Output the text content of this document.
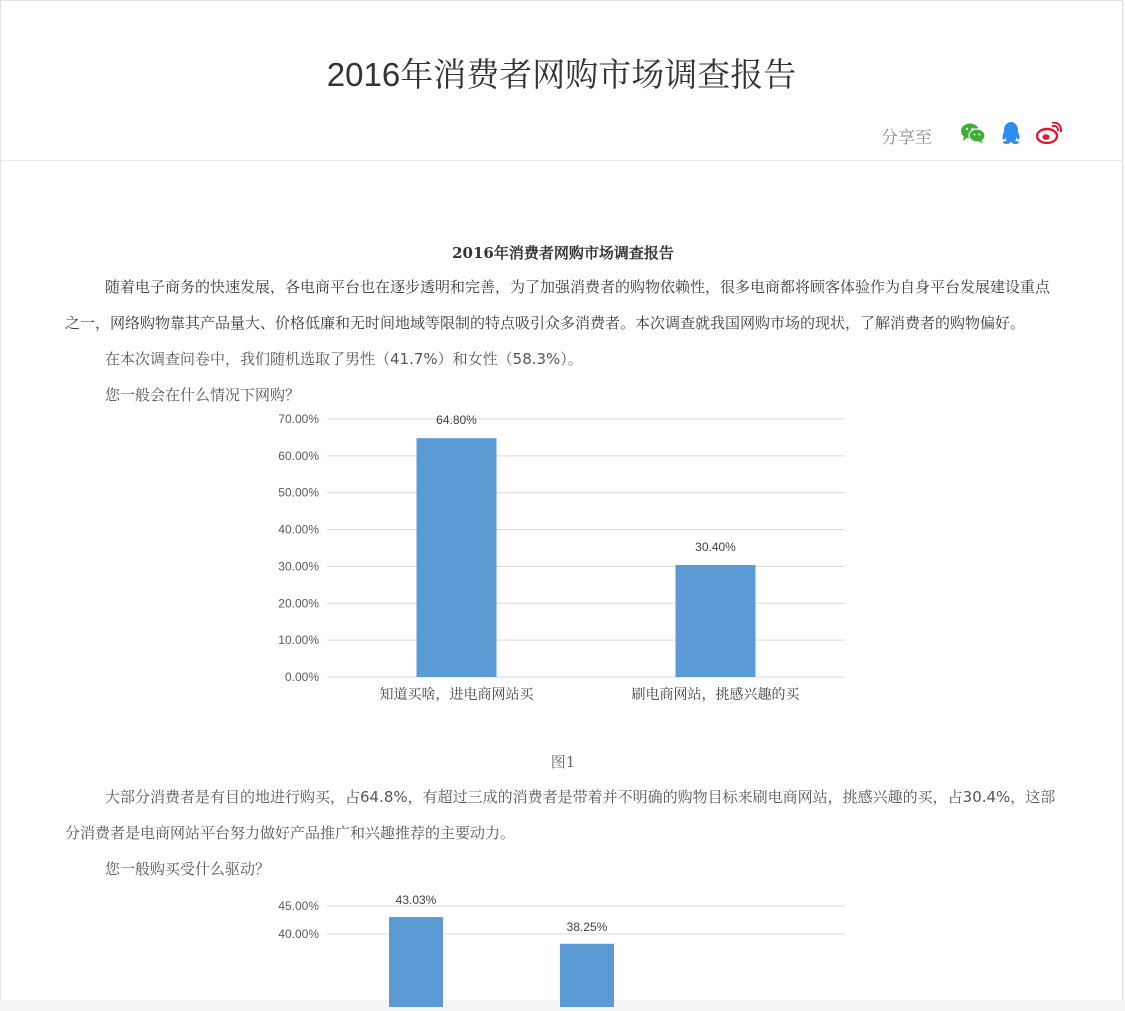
2016年消费者网购市场调查报告
分享至
2016年消费者网购市场调查报告

随着电子商务的快速发展，各电商平台也在逐步透明和完善，为了加强消费者的购物依赖性，很多电商都将顾客体验作为自身平台发展建设重点之一，网络购物靠其产品量大、价格低廉和无时间地域等限制的特点吸引众多消费者。本次调查就我国网购市场的现状，了解消费者的购物偏好。

在本次调查问卷中，我们随机选取了男性（41.7%）和女性（58.3%）。

您一般会在什么情况下网购？

0.00%
10.00%
20.00%
30.00%
40.00%
50.00%
60.00%
70.00%	64.80%
知道买啥，进电商网站买
30.40%
刷电商网站，挑感兴趣的买

图1

大部分消费者是有目的地进行购买，占64.8%，有超过三成的消费者是带着并不明确的购物目标来刷电商网站，挑感兴趣的买，占30.4%，这部分消费者是电商网站平台努力做好产品推广和兴趣推荐的主要动力。

您一般购买受什么驱动？

45.00%
40.00%
43.03%
38.25%
